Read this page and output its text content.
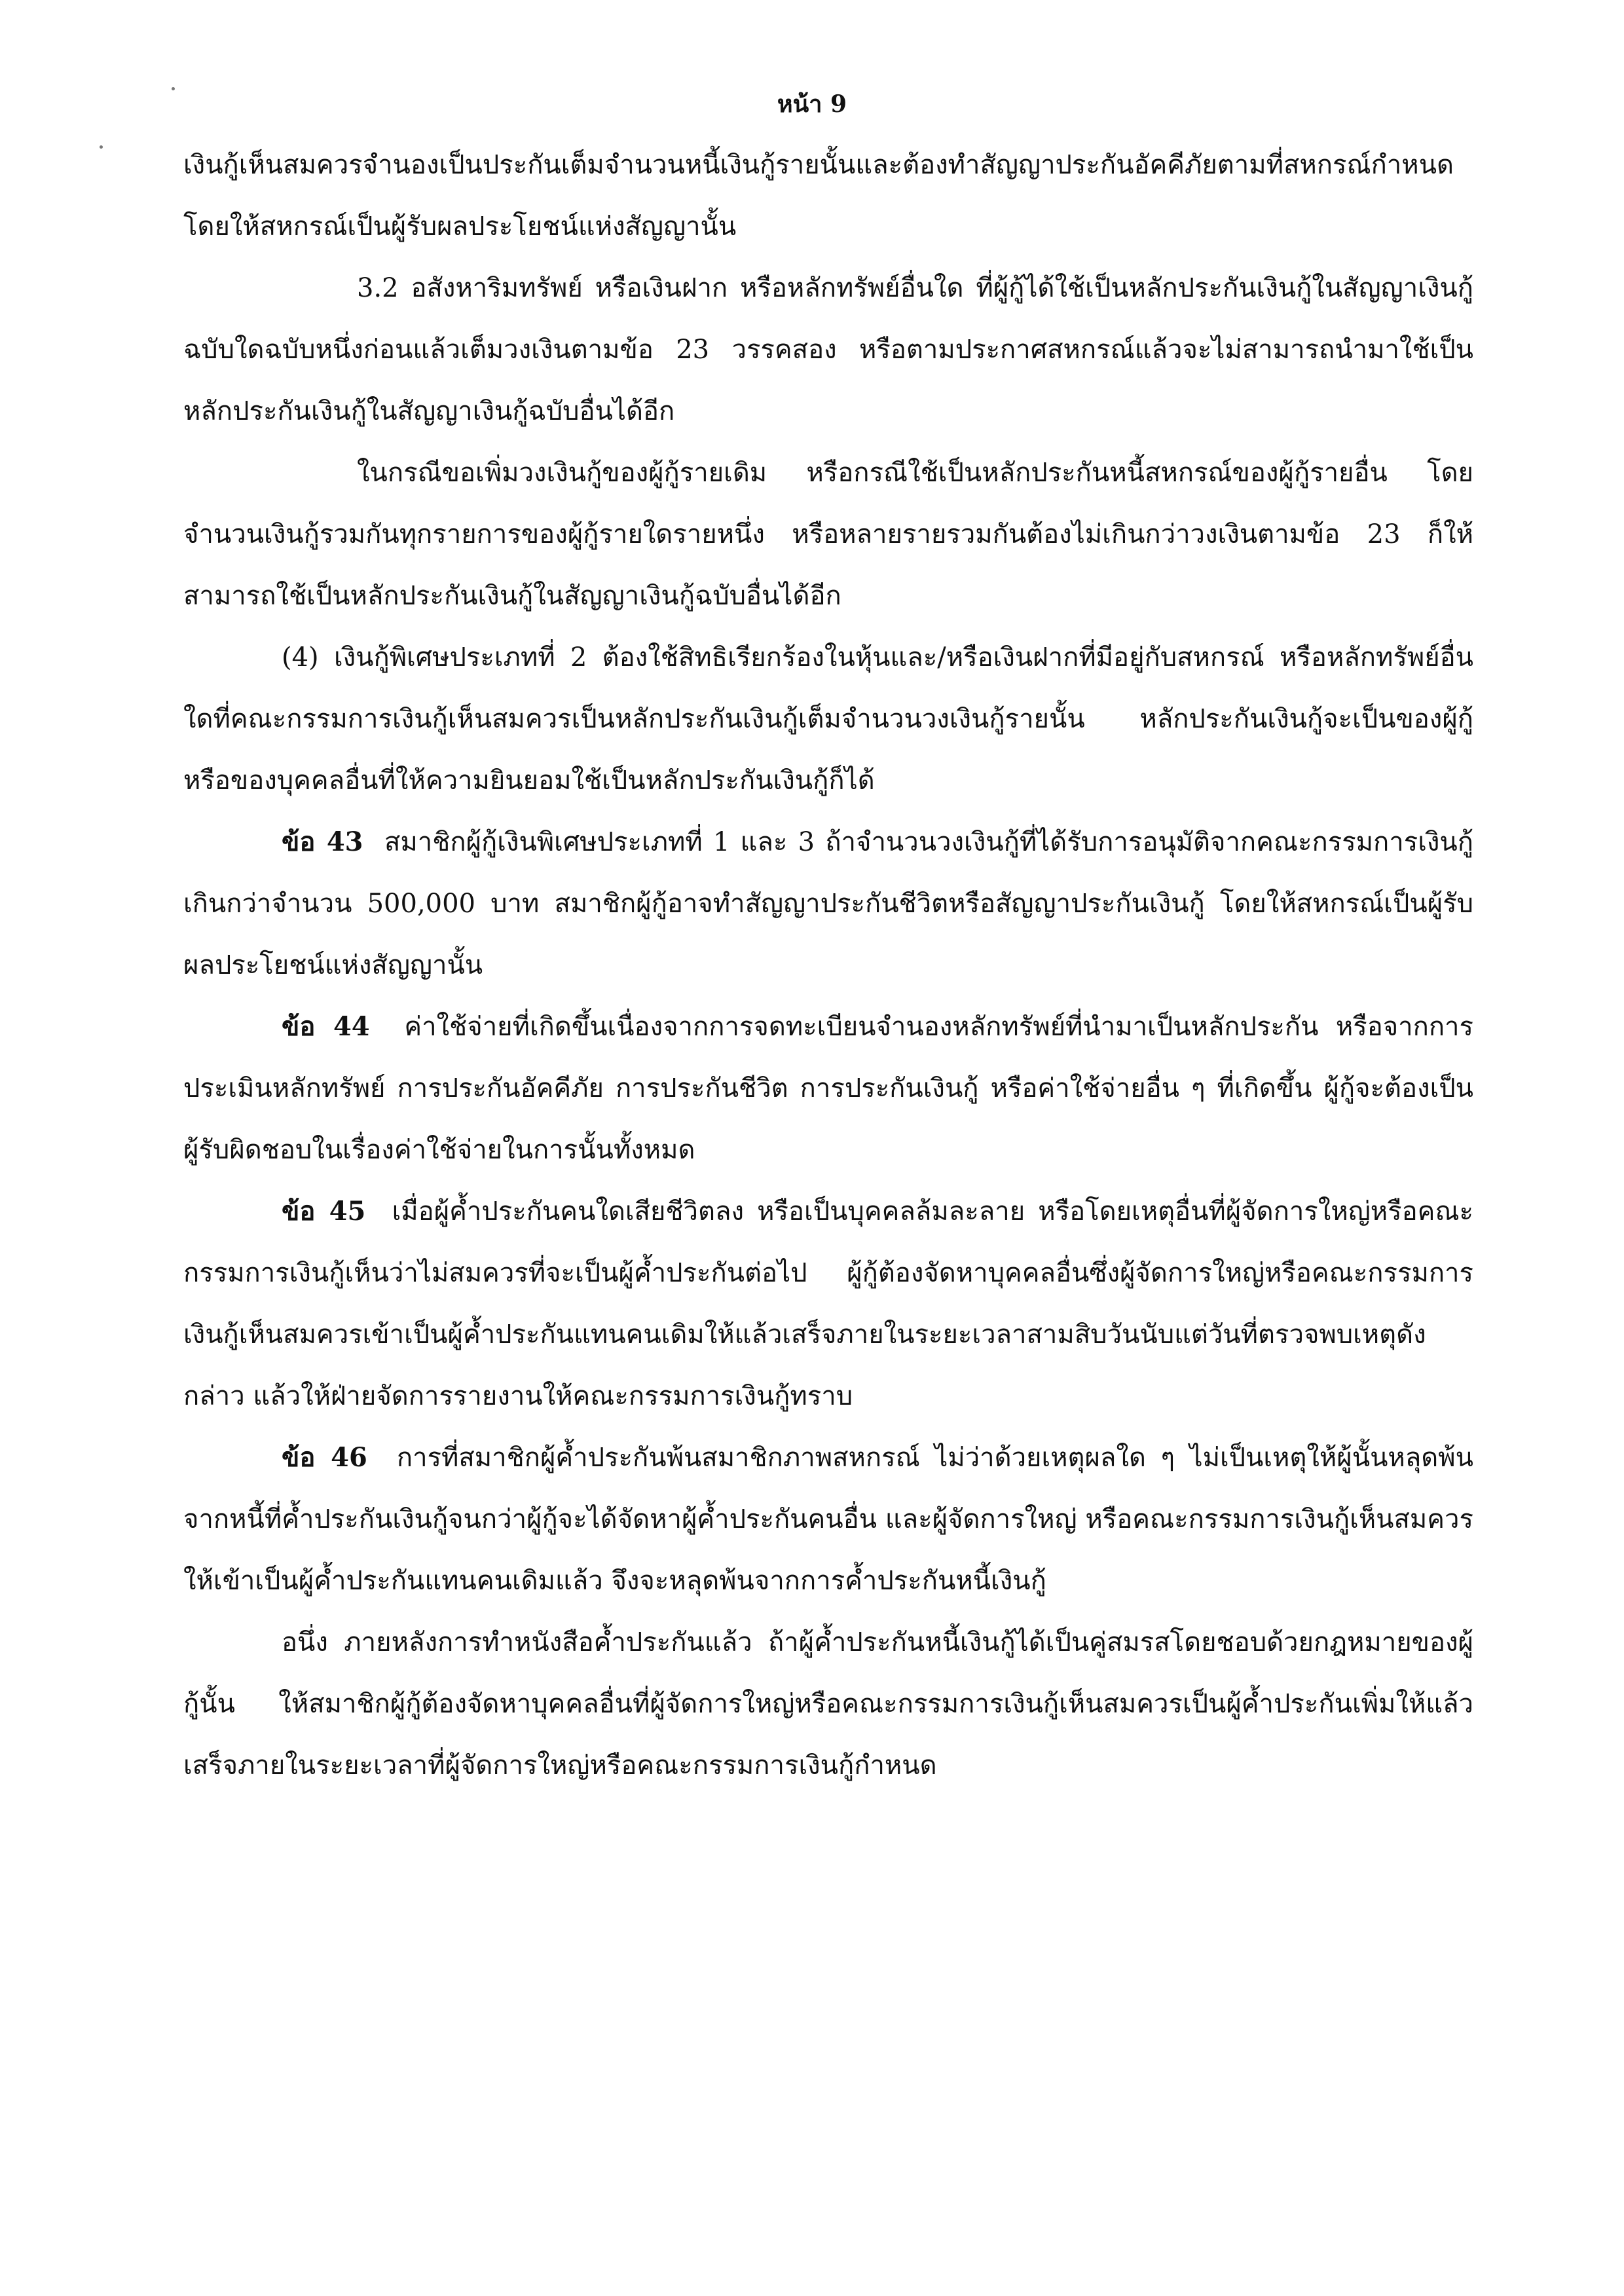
หน้า 9

เงินกู้เห็นสมควรจำนองเป็นประกันเต็มจำนวนหนี้เงินกู้รายนั้นและต้องทำสัญญาประกันอัคคีภัยตามที่สหกรณ์กำหนด โดยให้สหกรณ์เป็นผู้รับผลประโยชน์แห่งสัญญานั้น

3.2 อสังหาริมทรัพย์ หรือเงินฝาก หรือหลักทรัพย์อื่นใด ที่ผู้กู้ได้ใช้เป็นหลักประกันเงินกู้ในสัญญาเงินกู้ฉบับใดฉบับหนึ่งก่อนแล้วเต็มวงเงินตามข้อ 23 วรรคสอง หรือตามประกาศสหกรณ์แล้วจะไม่สามารถนำมาใช้เป็นหลักประกันเงินกู้ในสัญญาเงินกู้ฉบับอื่นได้อีก

ในกรณีขอเพิ่มวงเงินกู้ของผู้กู้รายเดิม หรือกรณีใช้เป็นหลักประกันหนี้สหกรณ์ของผู้กู้รายอื่น โดยจำนวนเงินกู้รวมกันทุกรายการของผู้กู้รายใดรายหนึ่ง หรือหลายรายรวมกันต้องไม่เกินกว่าวงเงินตามข้อ 23 ก็ให้สามารถใช้เป็นหลักประกันเงินกู้ในสัญญาเงินกู้ฉบับอื่นได้อีก

(4) เงินกู้พิเศษประเภทที่ 2 ต้องใช้สิทธิเรียกร้องในหุ้นและ/หรือเงินฝากที่มีอยู่กับสหกรณ์ หรือหลักทรัพย์อื่นใดที่คณะกรรมการเงินกู้เห็นสมควรเป็นหลักประกันเงินกู้เต็มจำนวนวงเงินกู้รายนั้น หลักประกันเงินกู้จะเป็นของผู้กู้ หรือของบุคคลอื่นที่ให้ความยินยอมใช้เป็นหลักประกันเงินกู้ก็ได้

ข้อ 43 สมาชิกผู้กู้เงินพิเศษประเภทที่ 1 และ 3 ถ้าจำนวนวงเงินกู้ที่ได้รับการอนุมัติจากคณะกรรมการเงินกู้เกินกว่าจำนวน 500,000 บาท สมาชิกผู้กู้อาจทำสัญญาประกันชีวิตหรือสัญญาประกันเงินกู้ โดยให้สหกรณ์เป็นผู้รับผลประโยชน์แห่งสัญญานั้น

ข้อ 44 ค่าใช้จ่ายที่เกิดขึ้นเนื่องจากการจดทะเบียนจำนองหลักทรัพย์ที่นำมาเป็นหลักประกัน หรือจากการประเมินหลักทรัพย์ การประกันอัคคีภัย การประกันชีวิต การประกันเงินกู้ หรือค่าใช้จ่ายอื่น ๆ ที่เกิดขึ้น ผู้กู้จะต้องเป็นผู้รับผิดชอบในเรื่องค่าใช้จ่ายในการนั้นทั้งหมด

ข้อ 45 เมื่อผู้ค้ำประกันคนใดเสียชีวิตลง หรือเป็นบุคคลล้มละลาย หรือโดยเหตุอื่นที่ผู้จัดการใหญ่หรือคณะกรรมการเงินกู้เห็นว่าไม่สมควรที่จะเป็นผู้ค้ำประกันต่อไป ผู้กู้ต้องจัดหาบุคคลอื่นซึ่งผู้จัดการใหญ่หรือคณะกรรมการเงินกู้เห็นสมควรเข้าเป็นผู้ค้ำประกันแทนคนเดิมให้แล้วเสร็จภายในระยะเวลาสามสิบวันนับแต่วันที่ตรวจพบเหตุดังกล่าว แล้วให้ฝ่ายจัดการรายงานให้คณะกรรมการเงินกู้ทราบ

ข้อ 46 การที่สมาชิกผู้ค้ำประกันพ้นสมาชิกภาพสหกรณ์ ไม่ว่าด้วยเหตุผลใด ๆ ไม่เป็นเหตุให้ผู้นั้นหลุดพ้นจากหนี้ที่ค้ำประกันเงินกู้จนกว่าผู้กู้จะได้จัดหาผู้ค้ำประกันคนอื่น และผู้จัดการใหญ่ หรือคณะกรรมการเงินกู้เห็นสมควรให้เข้าเป็นผู้ค้ำประกันแทนคนเดิมแล้ว จึงจะหลุดพ้นจากการค้ำประกันหนี้เงินกู้

อนึ่ง ภายหลังการทำหนังสือค้ำประกันแล้ว ถ้าผู้ค้ำประกันหนี้เงินกู้ได้เป็นคู่สมรสโดยชอบด้วยกฎหมายของผู้กู้นั้น ให้สมาชิกผู้กู้ต้องจัดหาบุคคลอื่นที่ผู้จัดการใหญ่หรือคณะกรรมการเงินกู้เห็นสมควรเป็นผู้ค้ำประกันเพิ่มให้แล้วเสร็จภายในระยะเวลาที่ผู้จัดการใหญ่หรือคณะกรรมการเงินกู้กำหนด
